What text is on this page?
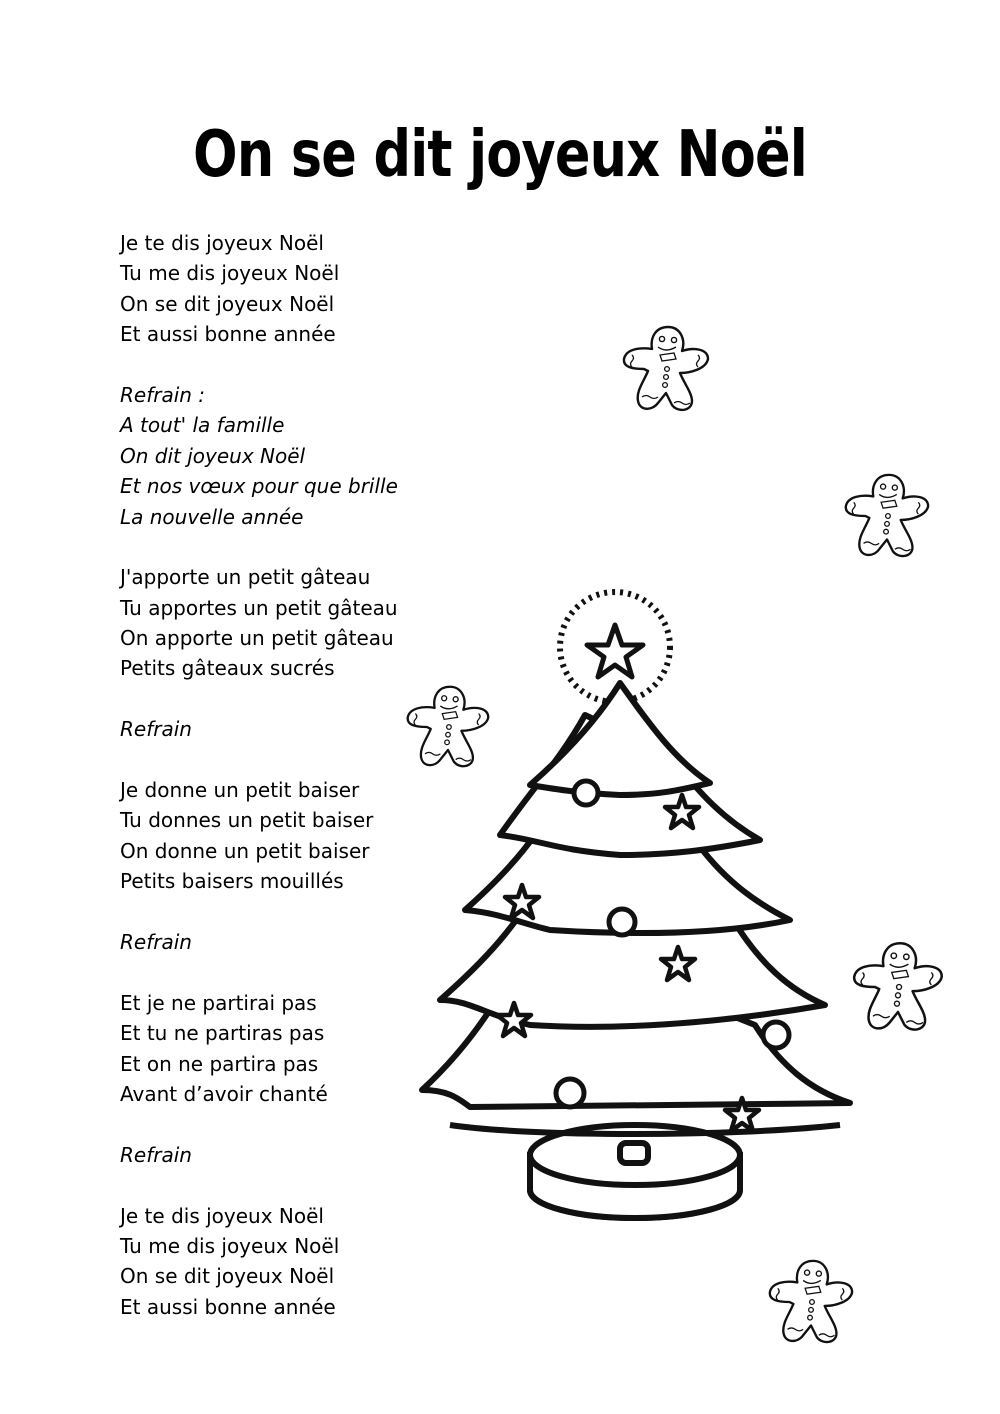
On se dit joyeux Noël
Je te dis joyeux Noël
Tu me dis joyeux Noël
On se dit joyeux Noël
Et aussi bonne année
Refrain :
A tout' la famille
On dit joyeux Noël
Et nos vœux pour que brille
La nouvelle année
J'apporte un petit gâteau
Tu apportes un petit gâteau
On apporte un petit gâteau
Petits gâteaux sucrés
Refrain
Je donne un petit baiser
Tu donnes un petit baiser
On donne un petit baiser
Petits baisers mouillés
Refrain
Et je ne partirai pas
Et tu ne partiras pas
Et on ne partira pas
Avant d’avoir chanté
Refrain
Je te dis joyeux Noël
Tu me dis joyeux Noël
On se dit joyeux Noël
Et aussi bonne année
